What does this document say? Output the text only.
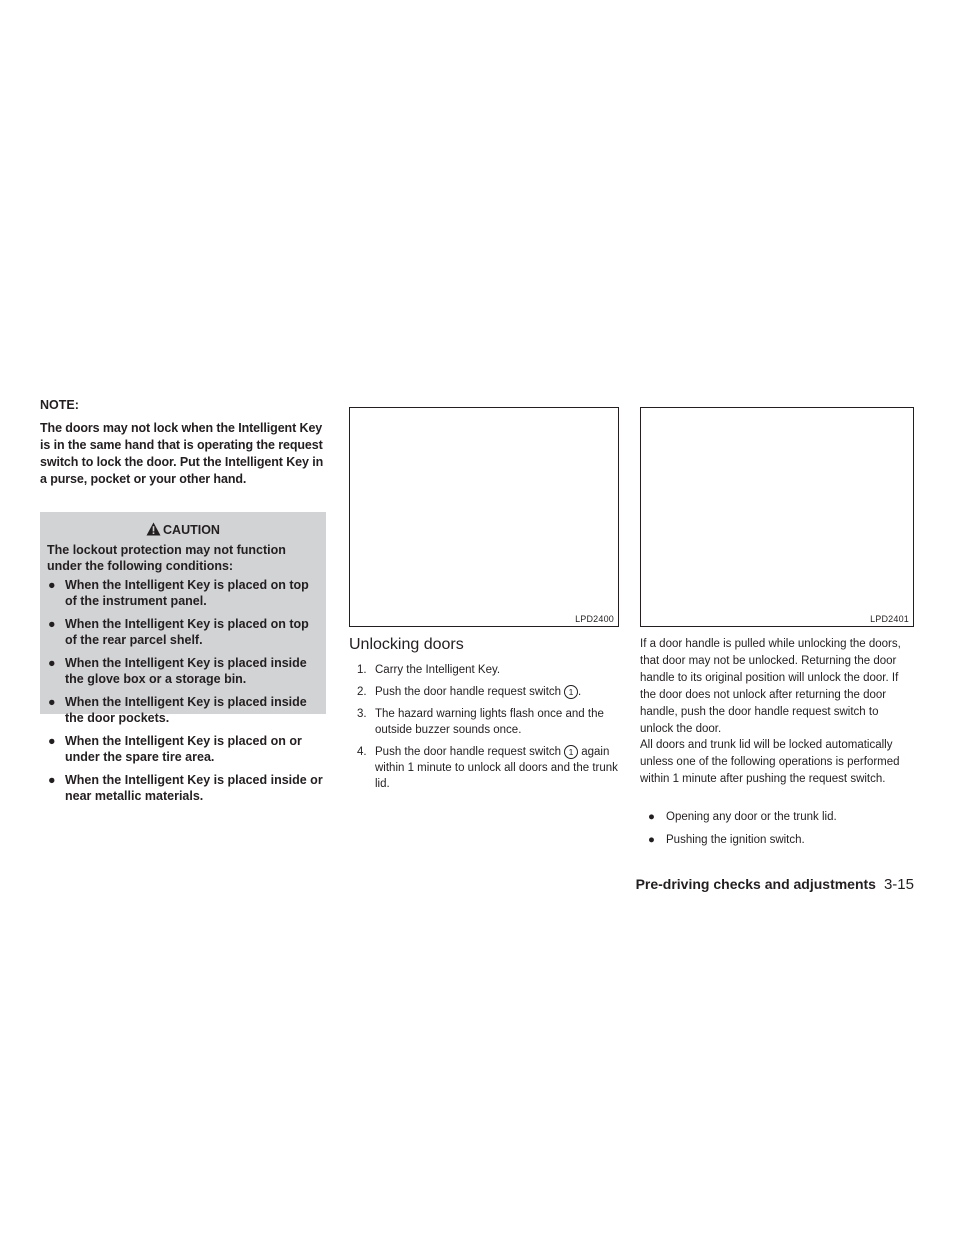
NOTE:

The doors may not lock when the Intelligent Key is in the same hand that is operating the request switch to lock the door. Put the Intelligent Key in a purse, pocket or your other hand.

CAUTION

The lockout protection may not function under the following conditions:

● When the Intelligent Key is placed on top of the instrument panel.
● When the Intelligent Key is placed on top of the rear parcel shelf.
● When the Intelligent Key is placed inside the glove box or a storage bin.
● When the Intelligent Key is placed inside the door pockets.
● When the Intelligent Key is placed on or under the spare tire area.
● When the Intelligent Key is placed inside or near metallic materials.
LPD2400
Unlocking doors
1. Carry the Intelligent Key.
2. Push the door handle request switch 1 .
3. The hazard warning lights flash once and the outside buzzer sounds once.
4. Push the door handle request switch 1 again within 1 minute to unlock all doors and the trunk lid.
LPD2401

If a door handle is pulled while unlocking the doors, that door may not be unlocked. Returning the door handle to its original position will unlock the door. If the door does not unlock after returning the door handle, push the door handle request switch to unlock the door.

All doors and trunk lid will be locked automatically unless one of the following operations is performed within 1 minute after pushing the request switch.

● Opening any door or the trunk lid.
● Pushing the ignition switch.
Pre-driving checks and adjustments 3-15
